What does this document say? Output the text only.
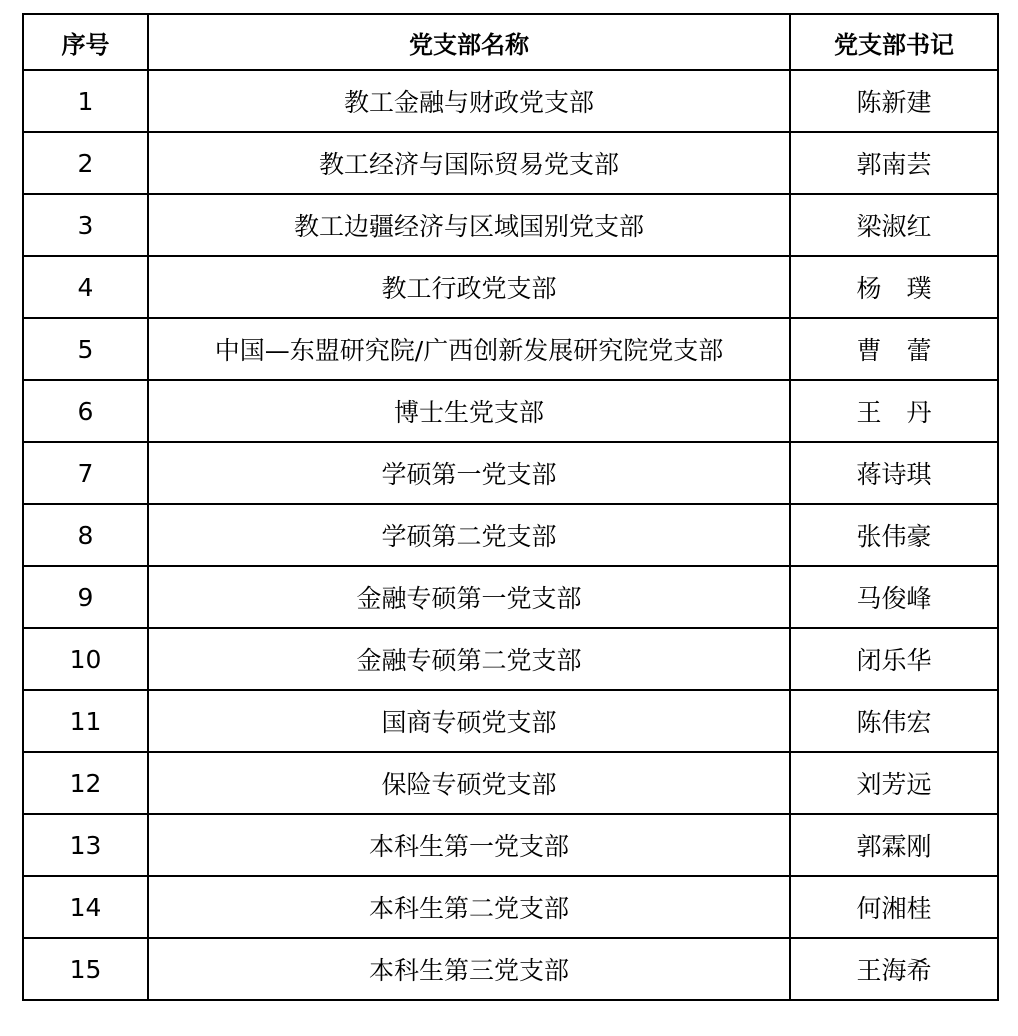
序号	党支部名称	党支部书记
1	教工金融与财政党支部	陈新建
2	教工经济与国际贸易党支部	郭南芸
3	教工边疆经济与区域国别党支部	梁淑红
4	教工行政党支部	杨　璞
5	中国—东盟研究院/广西创新发展研究院党支部	曹　蕾
6	博士生党支部	王　丹
7	学硕第一党支部	蒋诗琪
8	学硕第二党支部	张伟豪
9	金融专硕第一党支部	马俊峰
10	金融专硕第二党支部	闭乐华
11	国商专硕党支部	陈伟宏
12	保险专硕党支部	刘芳远
13	本科生第一党支部	郭霖刚
14	本科生第二党支部	何湘桂
15	本科生第三党支部	王海希
